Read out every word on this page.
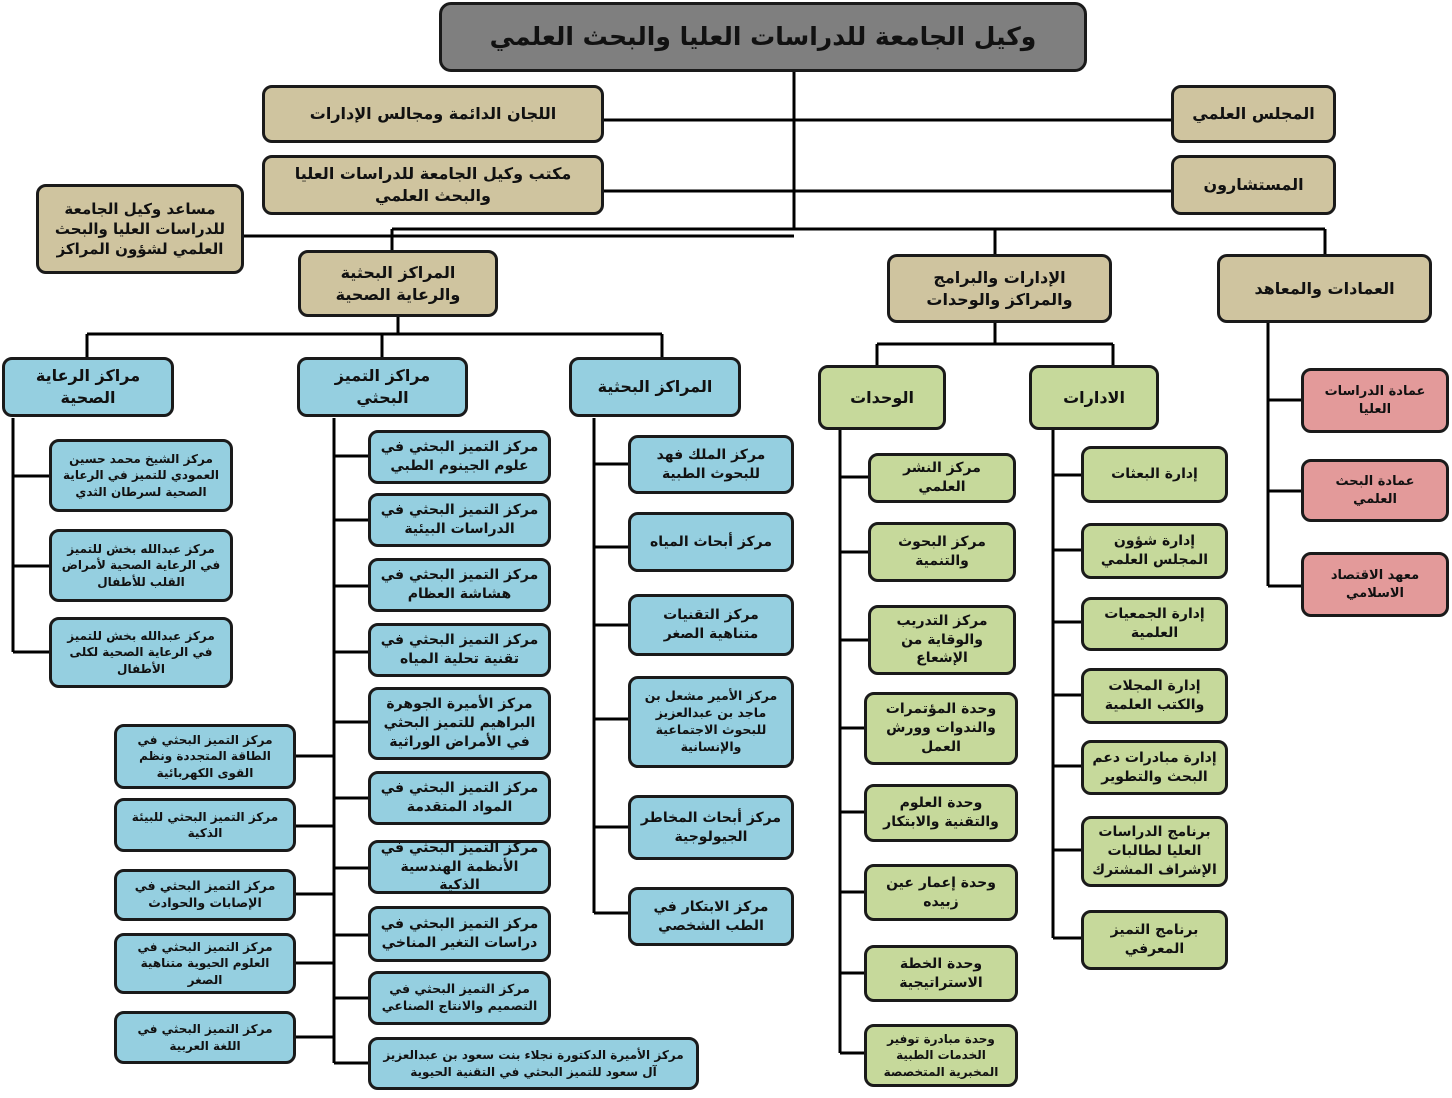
وكيل الجامعة للدراسات العليا والبحث العلمي
اللجان الدائمة ومجالس الإدارات
مكتب وكيل الجامعة للدراسات العليا والبحث العلمي
المجلس العلمي
المستشارون
مساعد وكيل الجامعة للدراسات العليا والبحث العلمي لشؤون المراكز
المراكز البحثية والرعاية الصحية
الإدارات والبرامج والمراكز والوحدات
العمادات والمعاهد
مراكز الرعاية الصحية
مراكز التميز البحثي
المراكز البحثية
الوحدات	الادارات
مركز الشيخ محمد حسين العمودي للتميز في الرعاية الصحية لسرطان الثدي
مركز عبدالله بخش للتميز في الرعاية الصحية لأمراض القلب للأطفال
مركز عبدالله بخش للتميز في الرعاية الصحية لكلى الأطفال
مركز التميز البحثي في الطاقة المتجددة ونظم القوى الكهربائية
مركز التميز البحثي للبيئة الذكية
مركز التميز البحثي في الإصابات والحوادث
مركز التميز البحثي في العلوم الحيوية متناهية الصغر
مركز التميز البحثي في اللغة العربية
مركز التميز البحثي في علوم الجينوم الطبي
مركز التميز البحثي في الدراسات البيئية
مركز التميز البحثي في هشاشة العظام
مركز التميز البحثي في تقنية تحلية المياه
مركز الأميرة الجوهرة البراهيم للتميز البحثي في الأمراض الوراثية
مركز التميز البحثي في المواد المتقدمة
مركز التميز البحثي في الأنظمة الهندسية الذكية
مركز التميز البحثي في دراسات التغير المناخي
مركز التميز البحثي في التصميم والانتاج الصناعي
مركز الأميرة الدكتورة نجلاء بنت سعود بن عبدالعزيز آل سعود للتميز البحثي في التقنية الحيوية
مركز الملك فهد للبحوث الطبية
مركز أبحاث المياه
مركز التقنيات متناهية الصغر
مركز الأمير مشعل بن ماجد بن عبدالعزيز للبحوث الاجتماعية والإنسانية
مركز أبحاث المخاطر الجيولوجية
مركز الابتكار في الطب الشخصي
مركز النشر العلمي
مركز البحوث والتنمية
مركز التدريب والوقاية من الإشعاع
وحدة المؤتمرات والندوات وورش العمل
وحدة العلوم والتقنية والابتكار
وحدة إعمار عين زبيده
وحدة الخطة الاستراتيجية
وحدة مبادرة توفير الخدمات الطبية المخبرية المتخصصة
إدارة البعثات
إدارة شؤون المجلس العلمي
إدارة الجمعيات العلمية
إدارة المجلات والكتب العلمية
إدارة مبادرات دعم البحث والتطوير
برنامج الدراسات العليا لطالبات الإشراف المشترك
برنامج التميز المعرفي
عمادة الدراسات العليا
عمادة البحث العلمي
معهد الاقتصاد الاسلامي
